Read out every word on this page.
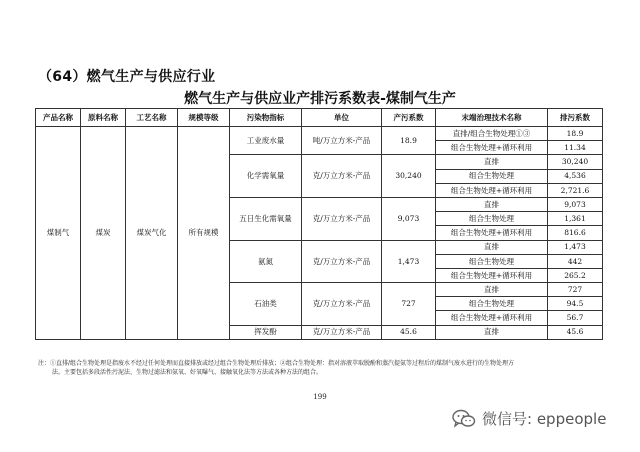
（64）燃气生产与供应行业
燃气生产与供应业产排污系数表-煤制气生产
产品名称	原料名称	工艺名称	规模等级	污染物指标	单位	产污系数	末端治理技术名称	排污系数
煤制气	煤炭	煤炭气化	所有规模	工业废水量	吨/万立方米-产品	18.9	直排/组合生物处理①③	18.9
							组合生物处理+循环利用	11.34
				化学需氧量	克/万立方米-产品	30,240	直排	30,240
							组合生物处理	4,536
							组合生物处理+循环利用	2,721.6
				五日生化需氧量	克/万立方米-产品	9,073	直排	9,073
							组合生物处理	1,361
							组合生物处理+循环利用	816.6
				氨氮	克/万立方米-产品	1,473	直排	1,473
							组合生物处理	442
							组合生物处理+循环利用	265.2
				石油类	克/万立方米-产品	727	直排	727
							组合生物处理	94.5
							组合生物处理+循环利用	56.7
				挥发酚	克/万立方米-产品	45.6	直排	45.6
注：①直排/组合生物处理是指废水不经过任何处理而直接排放或经过组合生物处理后排放；②组合生物处理：指对溶液萃取脱酚和蒸汽提氨等过程后的煤制气废水进行的生物处理方
法。主要包括多段活性污泥法、生物过滤法和氨氧、好氧曝气、接触氧化法等方法或各种方法的组合。
199
微信号: eppeople
